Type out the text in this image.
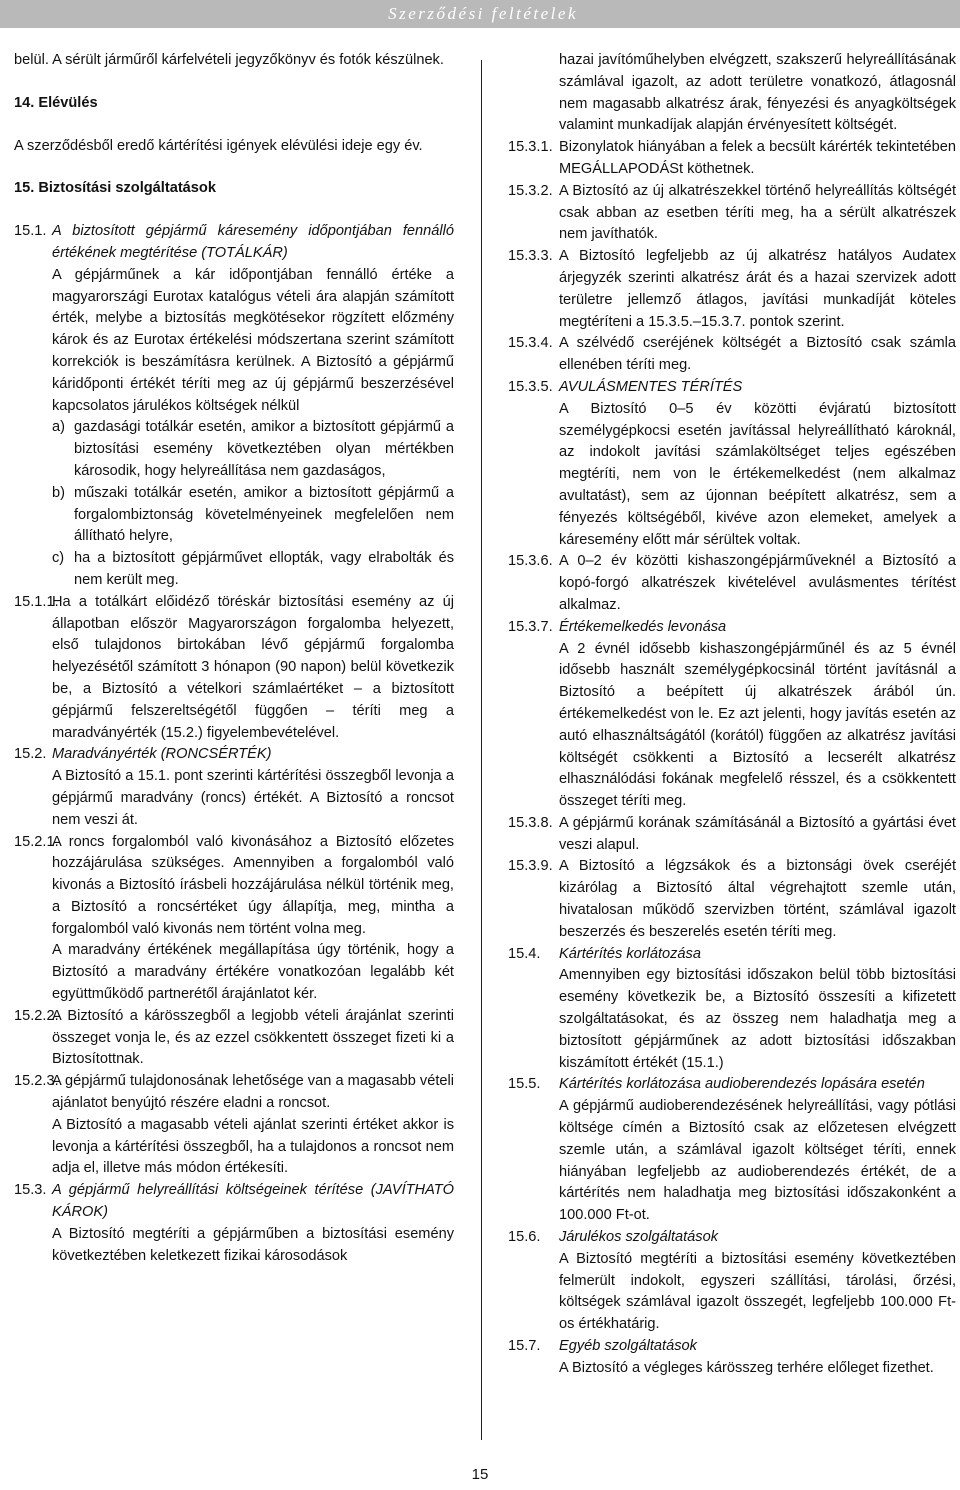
Szerződési feltételek

belül. A sérült járműről kárfelvételi jegyzőkönyv és fotók készülnek.

14. Elévülés

A szerződésből eredő kártérítési igények elévülési ideje egy év.

15. Biztosítási szolgáltatások

15.1. A biztosított gépjármű káresemény időpontjában fennálló értékének megtérítése (TOTÁLKÁR)
A gépjárműnek a kár időpontjában fennálló értéke a magyarországi Eurotax katalógus vételi ára alapján számított érték, melybe a biztosítás megkötésekor rögzített előzmény károk és az Eurotax értékelési módszertana szerint számított korrekciók is beszámításra kerülnek. A Biztosító a gépjármű káridőponti értékét téríti meg az új gépjármű beszerzésével kapcsolatos járulékos költségek nélkül
a) gazdasági totálkár esetén, amikor a biztosított gépjármű a biztosítási esemény következtében olyan mértékben károsodik, hogy helyreállítása nem gazdaságos,
b) műszaki totálkár esetén, amikor a biztosított gépjármű a forgalombiztonság követelményeinek megfelelően nem állítható helyre,
c) ha a biztosított gépjárművet ellopták, vagy elrabolták és nem került meg.
15.1.1.
Ha a totálkárt előidéző töréskár biztosítási esemény az új állapotban először Magyarországon forgalomba helyezett, első tulajdonos birtokában lévő gépjármű forgalomba helyezésétől számított 3 hónapon (90 napon) belül következik be, a Biztosító a vételkori számlaértéket – a biztosított gépjármű felszereltségétől függően – téríti meg a maradványérték (15.2.) figyelembevételével.
15.2. Maradványérték (RONCSÉRTÉK)
A Biztosító a 15.1. pont szerinti kártérítési összegből levonja a gépjármű maradvány (roncs) értékét. A Biztosító a roncsot nem veszi át.
15.2.1.
A roncs forgalomból való kivonásához a Biztosító előzetes hozzájárulása szükséges. Amennyiben a forgalomból való kivonás a Biztosító írásbeli hozzájárulása nélkül történik meg, a Biztosító a roncsértéket úgy állapítja, meg, mintha a forgalomból való kivonás nem történt volna meg.
A maradvány értékének megállapítása úgy történik, hogy a Biztosító a maradvány értékére vonatkozóan legalább két együttműködő partnerétől árajánlatot kér.
15.2.2.
A Biztosító a kárösszegből a legjobb vételi árajánlat szerinti összeget vonja le, és az ezzel csökkentett összeget fizeti ki a Biztosítottnak.
15.2.3.
A gépjármű tulajdonosának lehetősége van a magasabb vételi ajánlatot benyújtó részére eladni a roncsot.
A Biztosító a magasabb vételi ajánlat szerinti értéket akkor is levonja a kártérítési összegből, ha a tulajdonos a roncsot nem adja el, illetve más módon értékesíti.
15.3. A gépjármű helyreállítási költségeinek térítése (JAVÍTHATÓ KÁROK)
A Biztosító megtéríti a gépjárműben a biztosítási esemény következtében keletkezett fizikai károsodások
hazai javítóműhelyben elvégzett, szakszerű helyreállításának számlával igazolt, az adott területre vonatkozó, átlagosnál nem magasabb alkatrész árak, fényezési és anyagköltségek valamint munkadíjak alapján érvényesített költségét.
15.3.1. Bizonylatok hiányában a felek a becsült kárérték tekintetében MEGÁLLAPODÁSt köthetnek.
15.3.2. A Biztosító az új alkatrészekkel történő helyreállítás költségét csak abban az esetben téríti meg, ha a sérült alkatrészek nem javíthatók.
15.3.3. A Biztosító legfeljebb az új alkatrész hatályos Audatex árjegyzék szerinti alkatrész árát és a hazai szervizek adott területre jellemző átlagos, javítási munkadíját köteles megtéríteni a 15.3.5.–15.3.7. pontok szerint.
15.3.4. A szélvédő cseréjének költségét a Biztosító csak számla ellenében téríti meg.
15.3.5. AVULÁSMENTES TÉRÍTÉS
A Biztosító 0–5 év közötti évjáratú biztosított személygépkocsi esetén javítással helyreállítható károknál, az indokolt javítási számlaköltséget teljes egészében megtéríti, nem von le értékemelkedést (nem alkalmaz avultatást), sem az újonnan beépített alkatrész, sem a fényezés költségéből, kivéve azon elemeket, amelyek a káresemény előtt már sérültek voltak.
15.3.6. A 0–2 év közötti kishaszongépjárműveknél a Biztosító a kopó-forgó alkatrészek kivételével avulásmentes térítést alkalmaz.
15.3.7. Értékemelkedés levonása
A 2 évnél idősebb kishaszongépjárműnél és az 5 évnél idősebb használt személygépkocsinál történt javításnál a Biztosító a beépített új alkatrészek árából ún. értékemelkedést von le. Ez azt jelenti, hogy javítás esetén az autó elhasználtságától (korától) függően az alkatrész javítási költségét csökkenti a Biztosító a lecserélt alkatrész elhasználódási fokának megfelelő résszel, és a csökkentett összeget téríti meg.
15.3.8. A gépjármű korának számításánál a Biztosító a gyártási évet veszi alapul.
15.3.9. A Biztosító a légzsákok és a biztonsági övek cseréjét kizárólag a Biztosító által végrehajtott szemle után, hivatalosan működő szervizben történt, számlával igazolt beszerzés és beszerelés esetén téríti meg.
15.4.	Kártérítés korlátozása
Amennyiben egy biztosítási időszakon belül több biztosítási esemény következik be, a Biztosító összesíti a kifizetett szolgáltatásokat, és az összeg nem haladhatja meg a biztosított gépjárműnek az adott biztosítási időszakban kiszámított értékét (15.1.)
15.5.	Kártérítés korlátozása audioberendezés lopására esetén
A gépjármű audioberendezésének helyreállítási, vagy pótlási költsége címén a Biztosító csak az előzetesen elvégzett szemle után, a számlával igazolt költséget téríti, ennek hiányában legfeljebb az audioberendezés értékét, de a kártérítés nem haladhatja meg biztosítási időszakonként a 100.000 Ft-ot.
15.6.	Járulékos szolgáltatások
A Biztosító megtéríti a biztosítási esemény következtében felmerült indokolt, egyszeri szállítási, tárolási, őrzési, költségek számlával igazolt összegét, legfeljebb 100.000 Ft-os értékhatárig.
15.7.	Egyéb szolgáltatások
A Biztosító a végleges kárösszeg terhére előleget fizethet.
15
